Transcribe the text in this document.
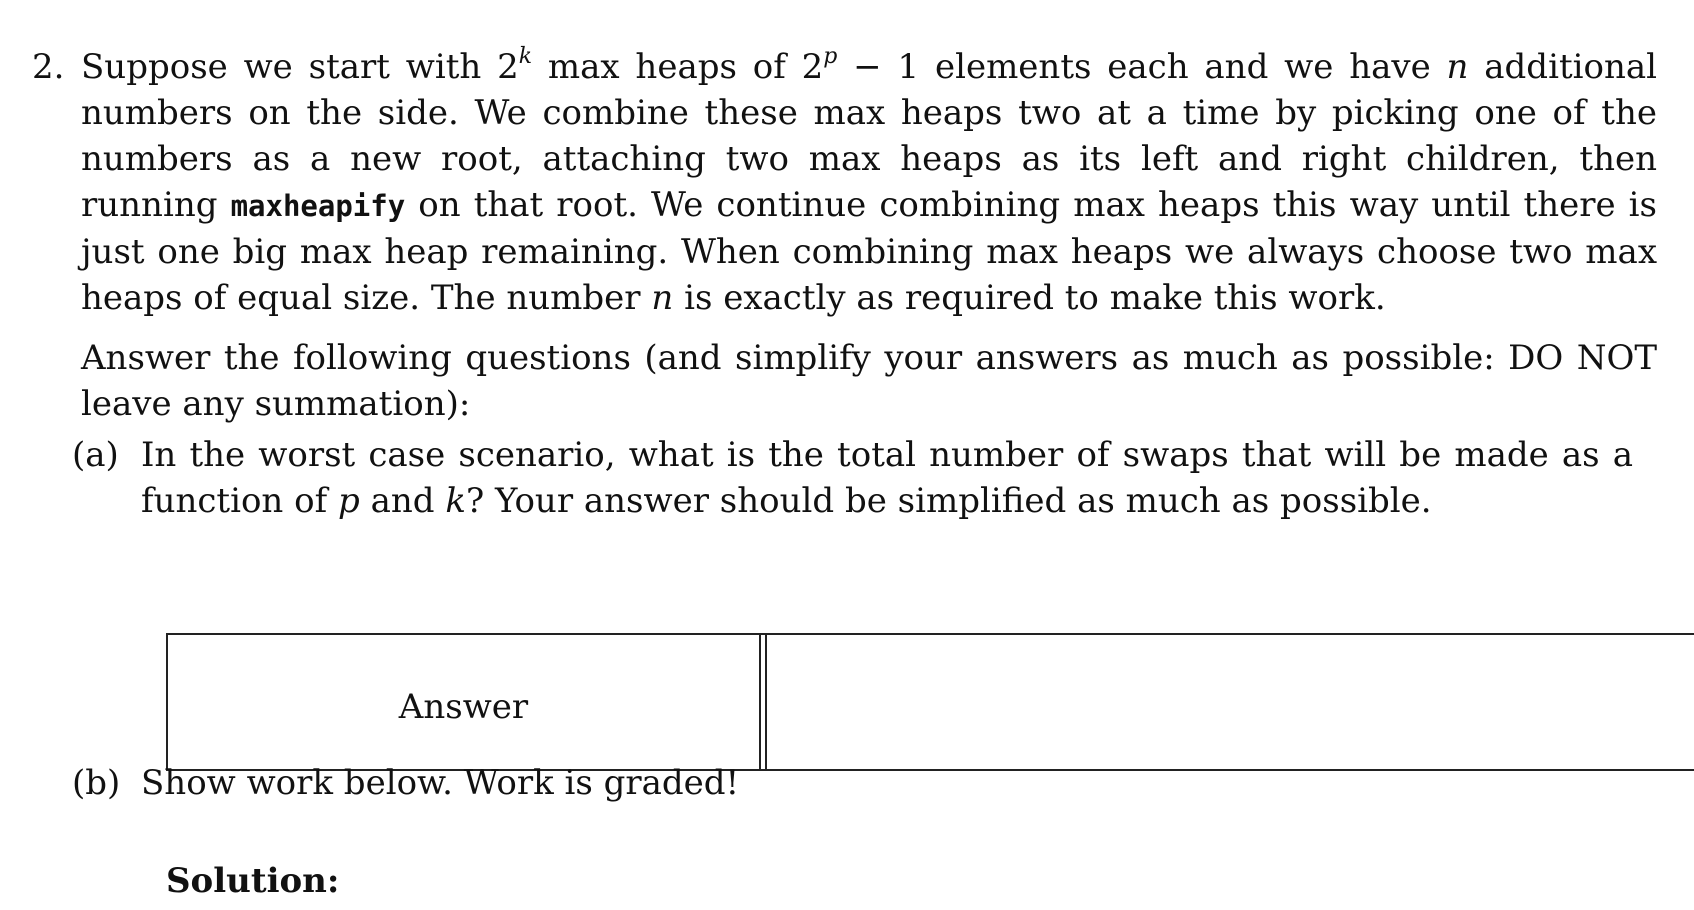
2. Suppose we start with 2$^k$ max heaps of $2^p - 1$ elements each and we have n additional numbers on the side. We combine these max heaps two at a time by picking one of the numbers as a new root, attaching two max heaps as its left and right children, then running maxheapify on that root. We continue combining max heaps this way until there is just one big max heap remaining. When combining max heaps we always choose two max heaps of equal size. The number n is exactly as required to make this work.

Answer the following questions (and simplify your answers as much as possible: DO NOT leave any summation):

(a) In the worst case scenario, what is the total number of swaps that will be made as a function of p and k? Your answer should be simplified as much as possible.
Answer
(b) Show work below. Work is graded!
Solution:
